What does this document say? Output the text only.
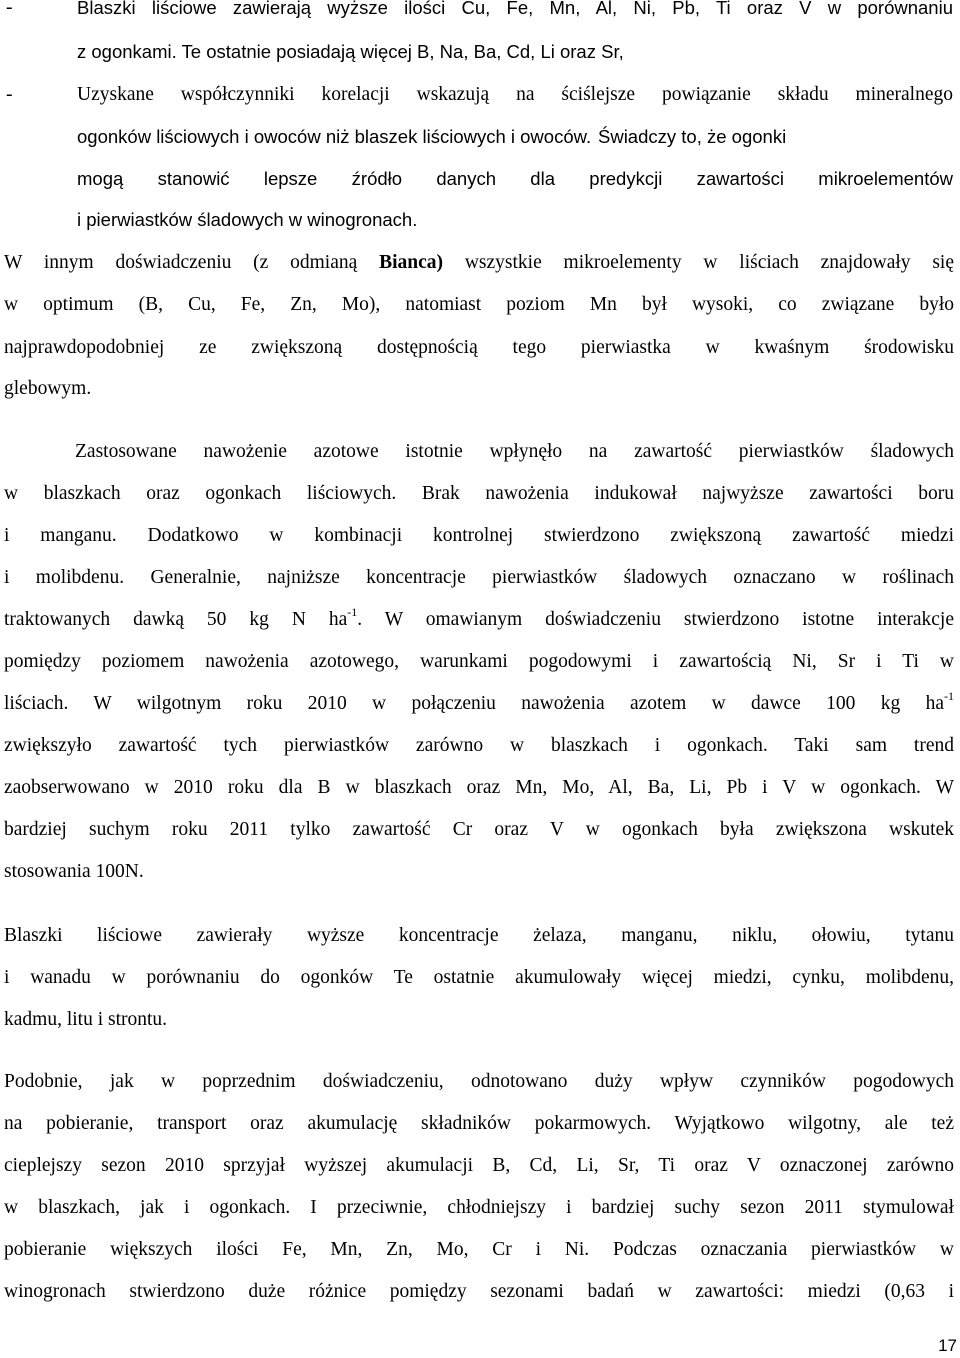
-	Blaszki liściowe zawierają wyższe ilości Cu, Fe, Mn, Al, Ni, Pb, Ti oraz V w porównaniu
z ogonkami. Te ostatnie posiadają więcej B, Na, Ba, Cd, Li oraz Sr,
-	Uzyskane współczynniki korelacji wskazują na ściślejsze powiązanie składu mineralnego
ogonków liściowych i owoców niż blaszek liściowych i owoców. Świadczy to, że ogonki
mogą stanowić lepsze źródło danych dla predykcji zawartości mikroelementów
i pierwiastków śladowych w winogronach.
W innym doświadczeniu (z odmianą Bianca) wszystkie mikroelementy w liściach znajdowały się
w optimum (B, Cu, Fe, Zn, Mo), natomiast poziom Mn był wysoki, co związane było
najprawdopodobniej ze zwiększoną dostępnością tego pierwiastka w kwaśnym środowisku
glebowym.
Zastosowane nawożenie azotowe istotnie wpłynęło na zawartość pierwiastków śladowych
w blaszkach oraz ogonkach liściowych. Brak nawożenia indukował najwyższe zawartości boru
i manganu. Dodatkowo w kombinacji kontrolnej stwierdzono zwiększoną zawartość miedzi
i molibdenu. Generalnie, najniższe koncentracje pierwiastków śladowych oznaczano w roślinach
traktowanych dawką 50 kg N $ha^{-1}$. W omawianym doświadczeniu stwierdzono istotne interakcje
pomiędzy poziomem nawożenia azotowego, warunkami pogodowymi i zawartością Ni, Sr i Ti w
liściach. W wilgotnym roku 2010 w połączeniu nawożenia azotem w dawce 100 kg $ha^{-1}$
zwiększyło zawartość tych pierwiastków zarówno w blaszkach i ogonkach. Taki sam trend
zaobserwowano w 2010 roku dla B w blaszkach oraz Mn, Mo, Al, Ba, Li, Pb i V w ogonkach. W
bardziej suchym roku 2011 tylko zawartość Cr oraz V w ogonkach była zwiększona wskutek
stosowania 100N.
Blaszki liściowe zawierały wyższe koncentracje żelaza, manganu, niklu, ołowiu, tytanu
i wanadu w porównaniu do ogonków Te ostatnie akumulowały więcej miedzi, cynku, molibdenu,
kadmu, litu i strontu.
Podobnie, jak w poprzednim doświadczeniu, odnotowano duży wpływ czynników pogodowych
na pobieranie, transport oraz akumulację składników pokarmowych. Wyjątkowo wilgotny, ale też
cieplejszy sezon 2010 sprzyjał wyższej akumulacji B, Cd, Li, Sr, Ti oraz V oznaczonej zarówno
w blaszkach, jak i ogonkach. I przeciwnie, chłodniejszy i bardziej suchy sezon 2011 stymulował
pobieranie większych ilości Fe, Mn, Zn, Mo, Cr i Ni. Podczas oznaczania pierwiastków w
winogronach stwierdzono duże różnice pomiędzy sezonami badań w zawartości: miedzi (0,63 i
17
